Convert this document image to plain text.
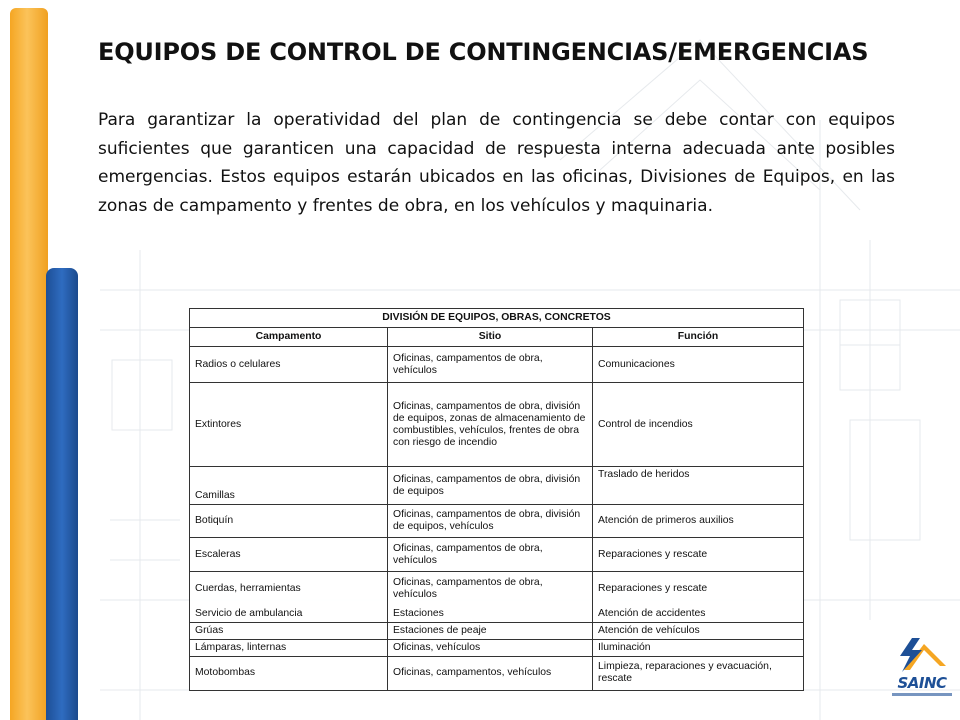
EQUIPOS DE CONTROL DE CONTINGENCIAS/EMERGENCIAS

Para garantizar la operatividad del plan de contingencia se debe contar con equipos suficientes que garanticen una capacidad de respuesta interna adecuada ante posibles emergencias. Estos equipos estarán ubicados en las oficinas, Divisiones de Equipos, en las zonas de campamento y frentes de obra, en los vehículos y maquinaria.

DIVISIÓN DE EQUIPOS, OBRAS, CONCRETOS		
Campamento	Sitio	Función
Radios o celulares	Oficinas, campamentos de obra, vehículos	Comunicaciones
Extintores	Oficinas, campamentos de obra, división de equipos, zonas de almacenamiento de combustibles, vehículos, frentes de obra con riesgo de incendio	Control de incendios
Camillas	Oficinas, campamentos de obra, división de equipos	Traslado de heridos
Botiquín	Oficinas, campamentos de obra, división de equipos, vehículos	Atención de primeros auxilios
Escaleras	Oficinas, campamentos de obra, vehículos	Reparaciones y rescate
Cuerdas, herramientas	Oficinas, campamentos de obra, vehículos	Reparaciones y rescate
Servicio de ambulancia	Estaciones	Atención de accidentes
Grúas	Estaciones de peaje	Atención de vehículos
Lámparas, linternas	Oficinas, vehículos	Iluminación
Motobombas	Oficinas, campamentos, vehículos	Limpieza, reparaciones y evacuación, rescate	SAINC
